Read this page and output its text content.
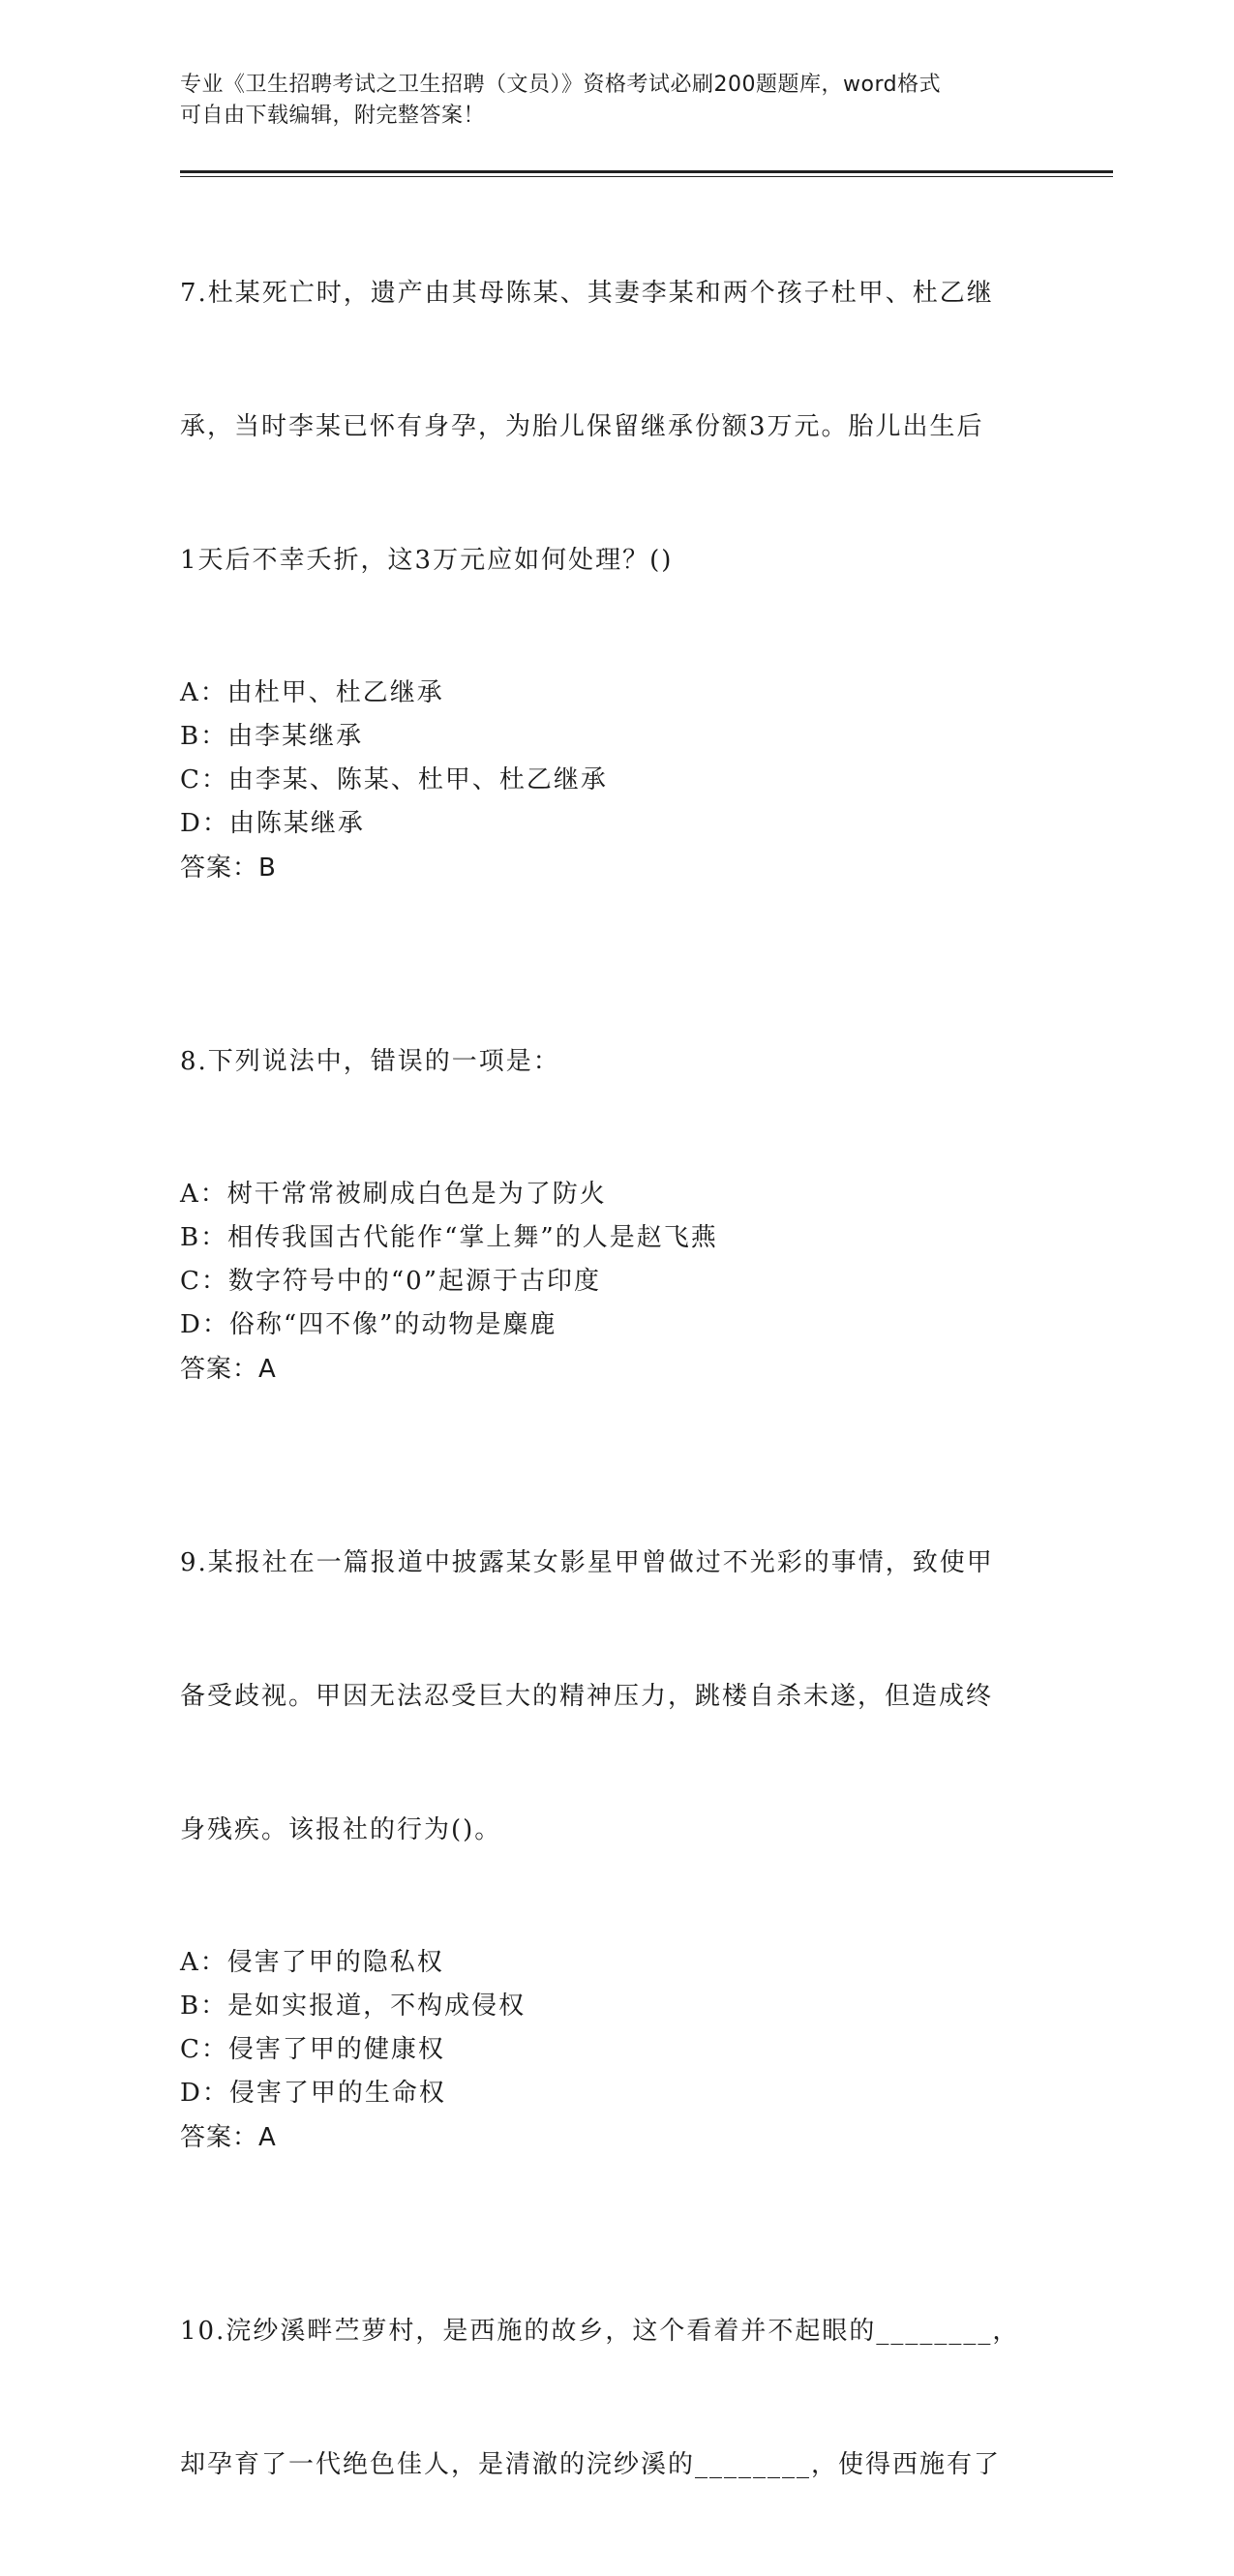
专业《卫生招聘考试之卫生招聘（文员）》资格考试必刷200题题库，word格式
可自由下载编辑，附完整答案！

7.杜某死亡时，遗产由其母陈某、其妻李某和两个孩子杜甲、杜乙继

承，当时李某已怀有身孕，为胎儿保留继承份额3万元。胎儿出生后

1天后不幸夭折，这3万元应如何处理？()

A：由杜甲、杜乙继承
B：由李某继承
C：由李某、陈某、杜甲、杜乙继承
D：由陈某继承
答案：B

8.下列说法中，错误的一项是：

A：树干常常被刷成白色是为了防火
B：相传我国古代能作“掌上舞”的人是赵飞燕
C：数字符号中的“0”起源于古印度
D：俗称“四不像”的动物是麋鹿
答案：A

9.某报社在一篇报道中披露某女影星甲曾做过不光彩的事情，致使甲

备受歧视。甲因无法忍受巨大的精神压力，跳楼自杀未遂，但造成终

身残疾。该报社的行为()。

A：侵害了甲的隐私权
B：是如实报道，不构成侵权
C：侵害了甲的健康权
D：侵害了甲的生命权
答案：A

10.浣纱溪畔苎萝村，是西施的故乡，这个看着并不起眼的________，

却孕育了一代绝色佳人，是清澈的浣纱溪的________，使得西施有了
